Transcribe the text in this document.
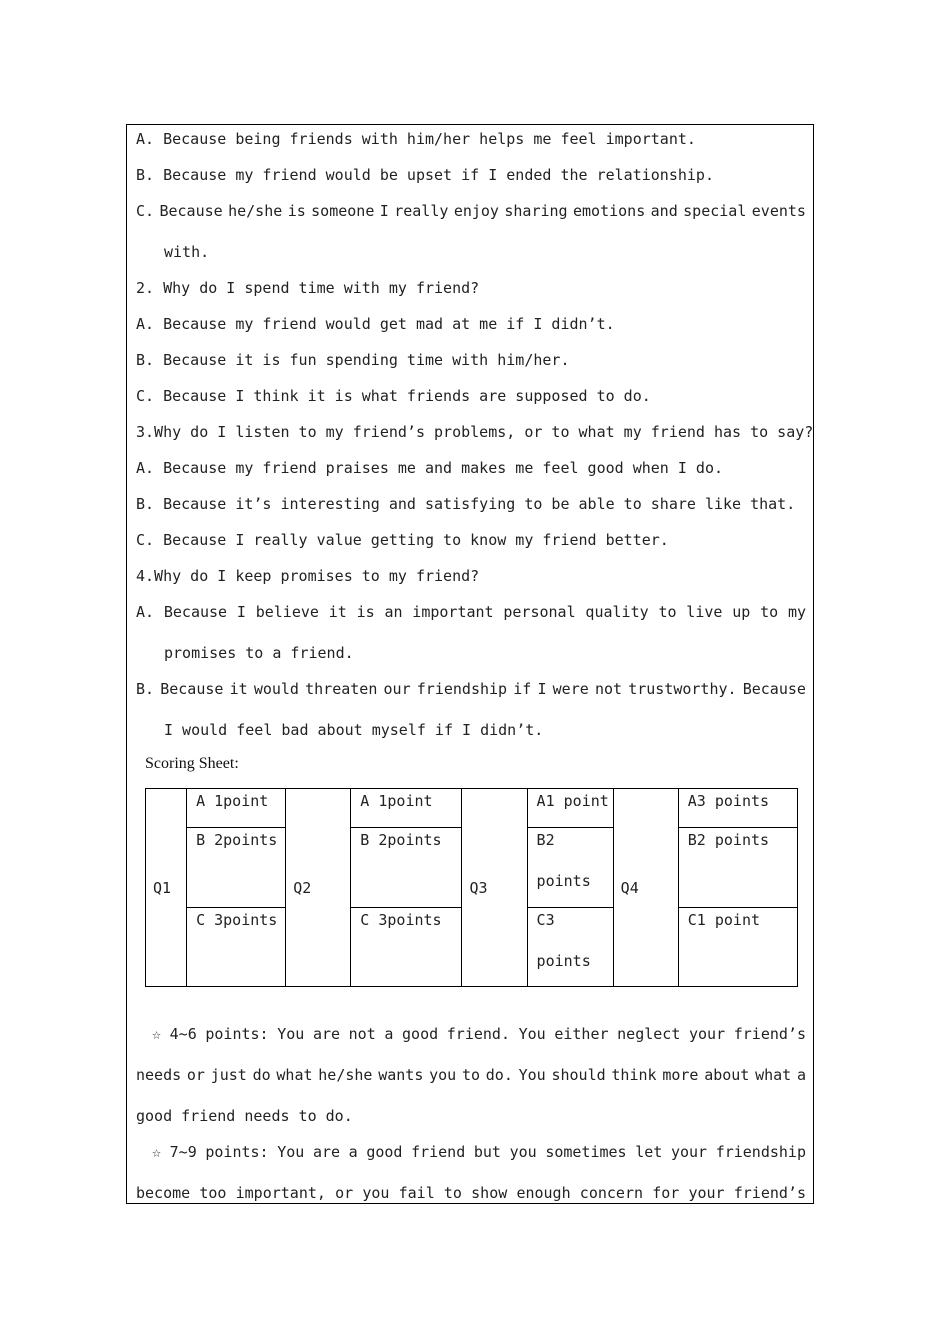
A. Because being friends with him/her helps me feel important.
B. Because my friend would be upset if I ended the relationship.
C. Because he/she is someone I really enjoy sharing emotions and special events
with.
2. Why do I spend time with my friend?
A. Because my friend would get mad at me if I didn’t.
B. Because it is fun spending time with him/her.
C. Because I think it is what friends are supposed to do.
3.Why do I listen to my friend’s problems, or to what my friend has to say?
A. Because my friend praises me and makes me feel good when I do.
B. Because it’s interesting and satisfying to be able to share like that.
C. Because I really value getting to know my friend better.
4.Why do I keep promises to my friend?
A. Because I believe it is an important personal quality to live up to my
promises to a friend.
B. Because it would threaten our friendship if I were not trustworthy. Because
I would feel bad about myself if I didn’t.
Scoring Sheet:
Q1	A 1point	Q2	A 1point	Q3	A1 point	Q4	A3 points

	B 2points		B 2points		B2 points		B2 points

	C 3points		C 3points		C3 points		C1 point
☆ 4~6 points: You are not a good friend. You either neglect your friend’s
needs or just do what he/she wants you to do. You should think more about what a
good friend needs to do.
☆ 7~9 points: You are a good friend but you sometimes let your friendship
become too important, or you fail to show enough concern for your friend’s
